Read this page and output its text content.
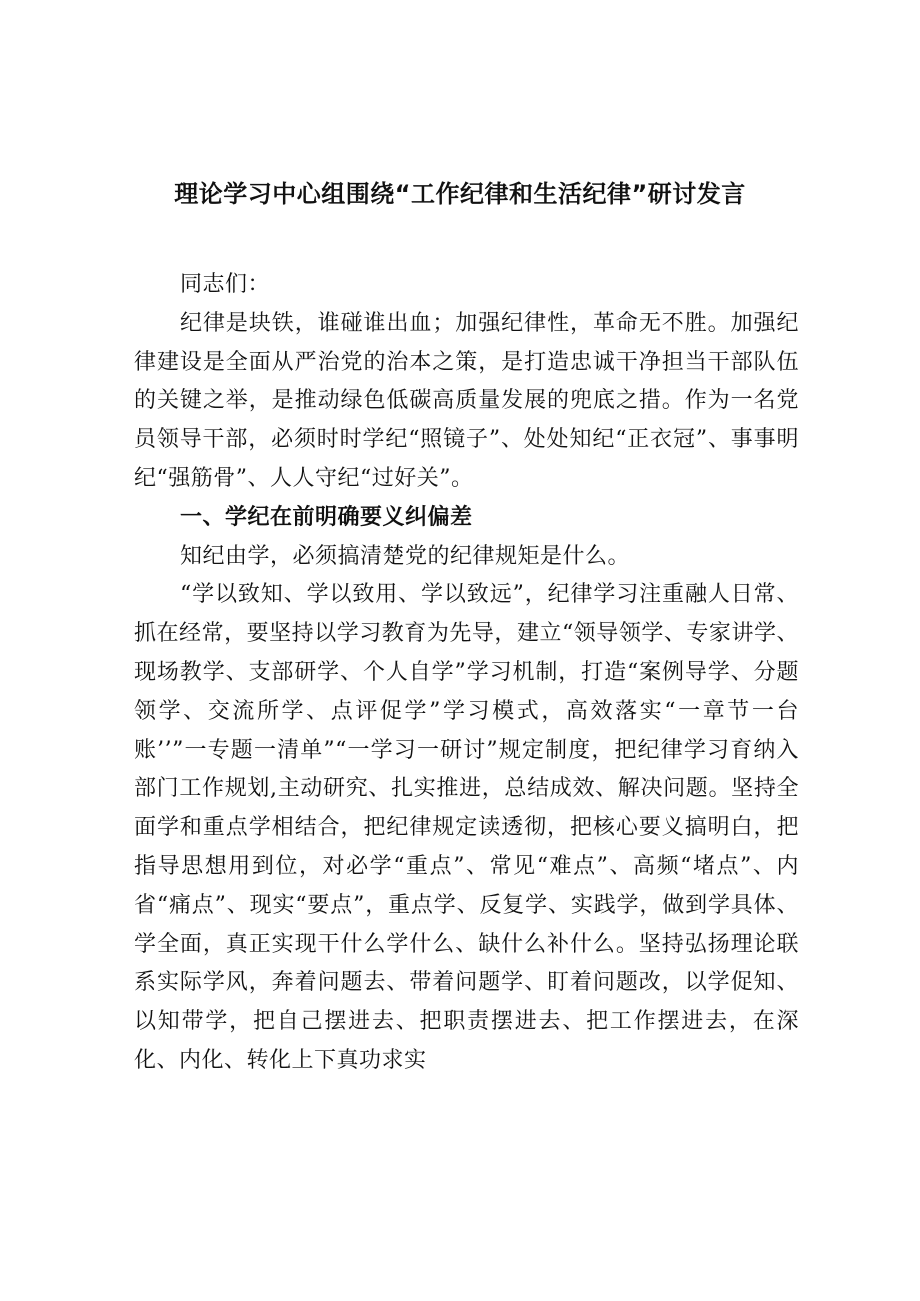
理论学习中心组围绕“工作纪律和生活纪律”研讨发言

同志们：

纪律是块铁，谁碰谁出血；加强纪律性，革命无不胜。加强纪律建设是全面从严治党的治本之策，是打造忠诚干净担当干部队伍的关键之举，是推动绿色低碳高质量发展的兜底之措。作为一名党员领导干部，必须时时学纪“照镜子”、处处知纪“正衣冠”、事事明纪“强筋骨”、人人守纪“过好关”。

一、学纪在前明确要义纠偏差

知纪由学，必须搞清楚党的纪律规矩是什么。

“学以致知、学以致用、学以致远”，纪律学习注重融人日常、抓在经常，要坚持以学习教育为先导，建立“领导领学、专家讲学、现场教学、支部研学、个人自学”学习机制，打造“案例导学、分题领学、交流所学、点评促学”学习模式，高效落实“一章节一台账’’”一专题一清单”“一学习一研讨”规定制度，把纪律学习育纳入部门工作规划,主动研究、扎实推进，总结成效、解决问题。坚持全面学和重点学相结合，把纪律规定读透彻，把核心要义搞明白，把指导思想用到位，对必学“重点”、常见“难点”、高频“堵点”、内省“痛点”、现实“要点”，重点学、反复学、实践学，做到学具体、学全面，真正实现干什么学什么、缺什么补什么。坚持弘扬理论联系实际学风，奔着问题去、带着问题学、盯着问题改，以学促知、以知带学，把自己摆进去、把职责摆进去、把工作摆进去，在深化、内化、转化上下真功求实
